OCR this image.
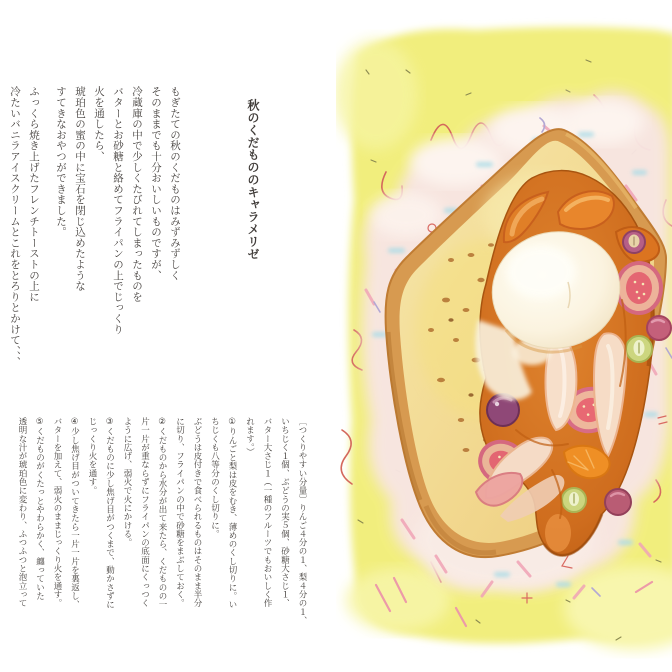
秋のくだもののキャラメリゼ

もぎたての秋のくだものはみずみずしく

そのままでも十分おいしいものですが、

冷蔵庫の中で少しくたびれてしまったものを

バターとお砂糖と絡めてフライパンの上でじっくり

火を通したら、

琥珀色の蜜の中に宝石を閉じ込めたような

すてきなおやつができました。

ふっくら焼き上げたフレンチトーストの上に

冷たいバニラアイスクリームとこれをとろりとかけて、、、

〔つくりやすい分量〕りんご４分の１、梨４分の１、

いちじく１個、ぶどうの実５個、砂糖大さじ１、

バター大さじ１（一種のフルーツでもおいしく作

れます。）

①りんごと梨は皮をむき、薄めのくし切りに。い

ちじくも八等分のくし切りに。

ぶどうは皮付きで食べられるものはそのまま半分

に切り、フライパンの中で砂糖をまぶしておく。

②くだものから水分が出て来たら、くだものの一

片一片が重ならずにフライパンの底面にくっつく

ように広げ、弱火で火にかける。

③くだものに少し焦げ目がつくまで、動かさずに

じっくり火を通す。

④少し焦げ目がついてきたら一片一片を裏返し、

バターを加えて、弱火のままじっくり火を通す。

⑤くだものがくたっとやわらかく、纏っていた

透明な汁が琥珀色に変わり、ふつふつと泡立って
